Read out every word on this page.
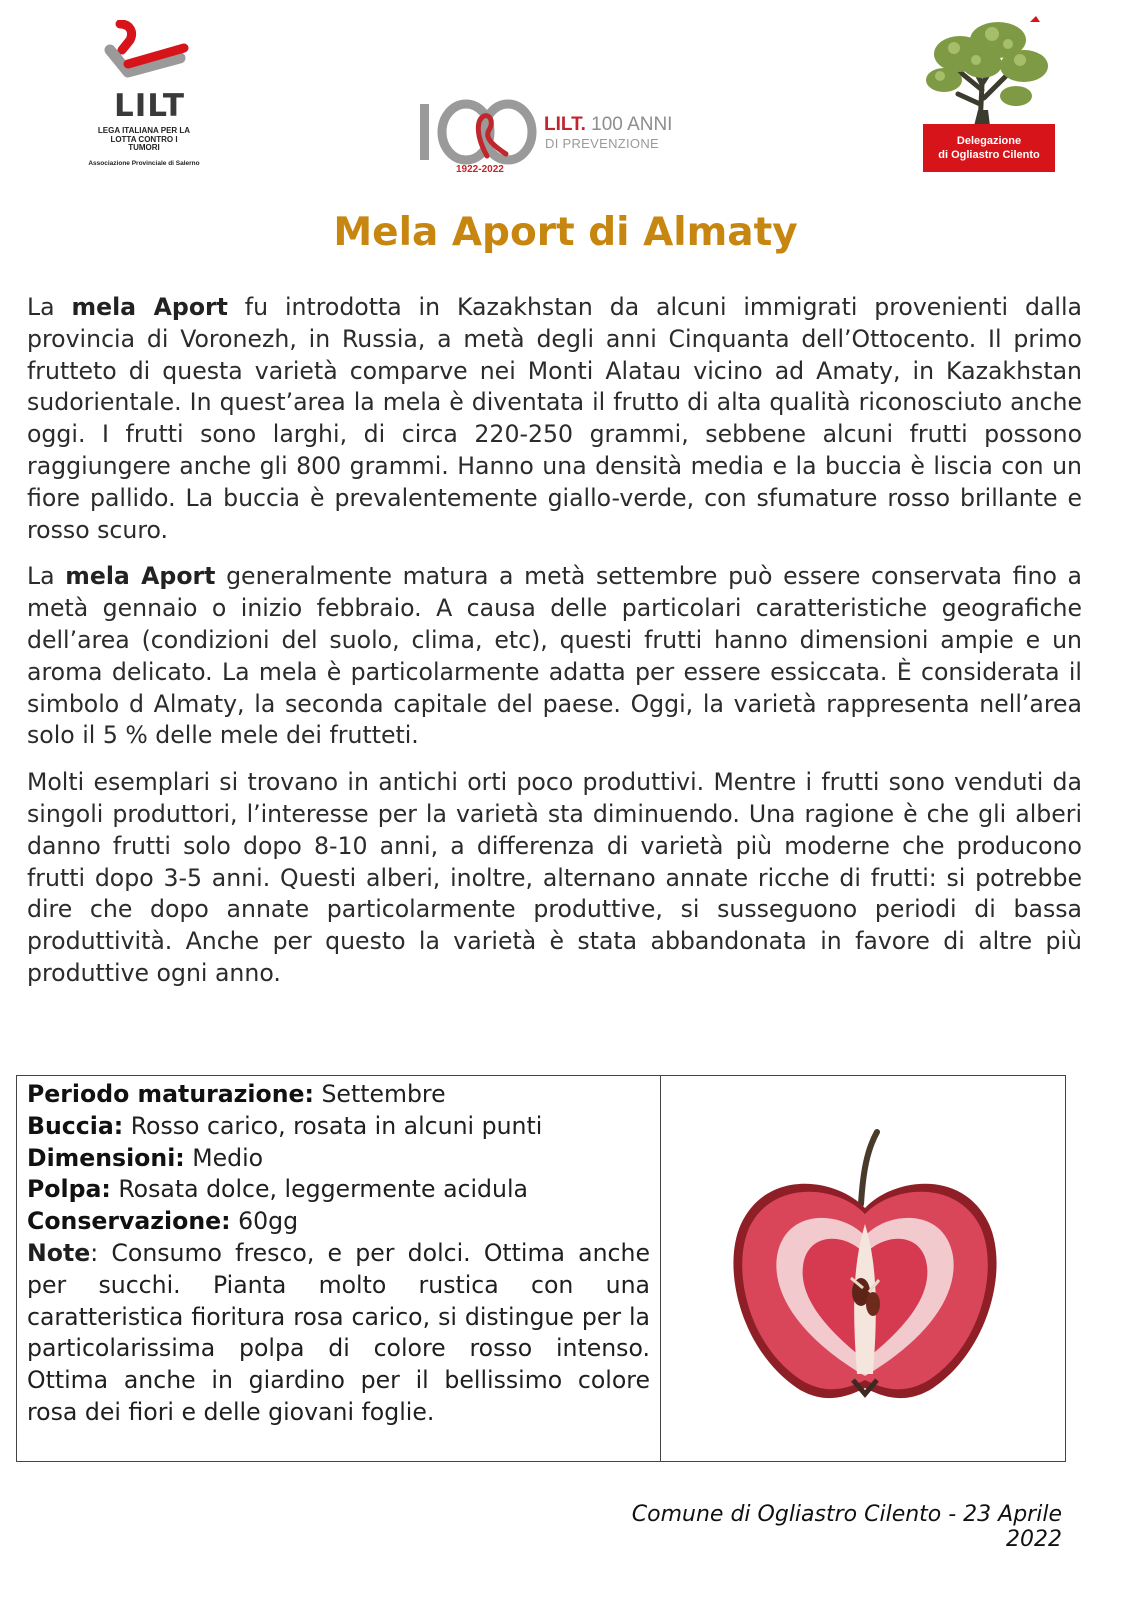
LILT
LEGA ITALIANA PER LA LOTTA CONTRO I TUMORI
Associazione Provinciale di Salerno
1922-2022
LILT. 100 ANNI
DI PREVENZIONE	Delegazione
di Ogliastro Cilento
Mela Aport di Almaty

La mela Aport fu introdotta in Kazakhstan da alcuni immigrati provenienti dalla provincia di Voronezh, in Russia, a metà degli anni Cinquanta dell’Ottocento. Il primo frutteto di questa varietà comparve nei Monti Alatau vicino ad Amaty, in Kazakhstan sudorientale. In quest’area la mela è diventata il frutto di alta qualità riconosciuto anche oggi. I frutti sono larghi, di circa 220-250 grammi, sebbene alcuni frutti possono raggiungere anche gli 800 grammi. Hanno una densità media e la buccia è liscia con un fiore pallido. La buccia è prevalentemente giallo-verde, con sfumature rosso brillante e rosso scuro.

La mela Aport generalmente matura a metà settembre può essere conservata fino a metà gennaio o inizio febbraio. A causa delle particolari caratteristiche geografiche dell’area (condizioni del suolo, clima, etc), questi frutti hanno dimensioni ampie e un aroma delicato. La mela è particolarmente adatta per essere essiccata. È considerata il simbolo d Almaty, la seconda capitale del paese. Oggi, la varietà rappresenta nell’area solo il 5 % delle mele dei frutteti.

Molti esemplari si trovano in antichi orti poco produttivi. Mentre i frutti sono venduti da singoli produttori, l’interesse per la varietà sta diminuendo. Una ragione è che gli alberi danno frutti solo dopo 8-10 anni, a differenza di varietà più moderne che producono frutti dopo 3-5 anni. Questi alberi, inoltre, alternano annate ricche di frutti: si potrebbe dire che dopo annate particolarmente produttive, si susseguono periodi di bassa produttività. Anche per questo la varietà è stata abbandonata in favore di altre più produttive ogni anno.

Periodo maturazione: Settembre

Buccia: Rosso carico, rosata in alcuni punti

Dimensioni: Medio

Polpa: Rosata dolce, leggermente acidula

Conservazione: 60gg

Note: Consumo fresco, e per dolci. Ottima anche per succhi. Pianta molto rustica con una caratteristica fioritura rosa carico, si distingue per la particolarissima polpa di colore rosso intenso. Ottima anche in giardino per il bellissimo colore rosa dei fiori e delle giovani foglie.

Comune di Ogliastro Cilento - 23 Aprile 2022
